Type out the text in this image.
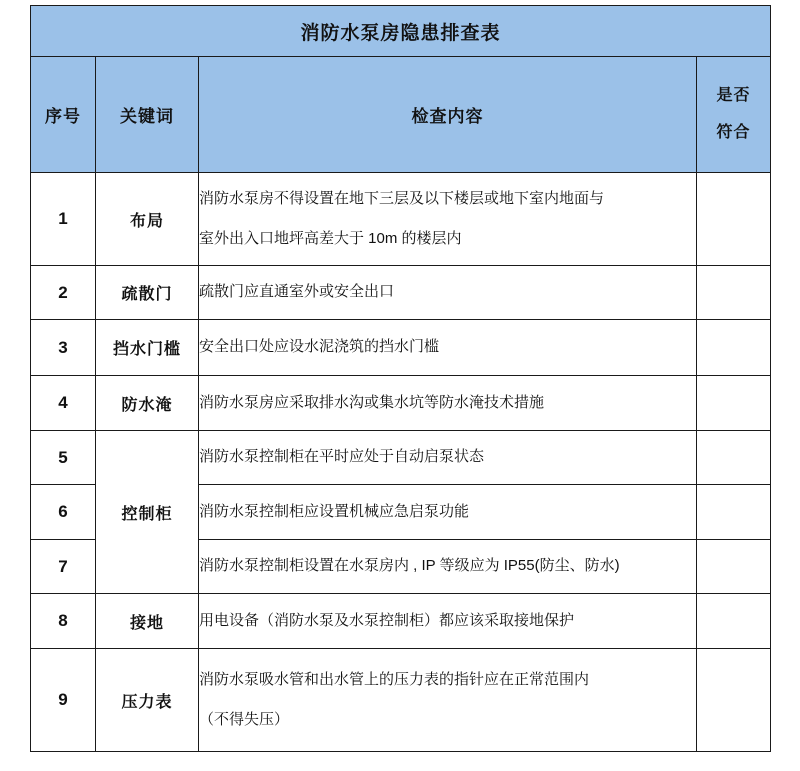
消防水泵房隐患排查表			
序号	关键词	检查内容	是否
符合

1	布局	消防水泵房不得设置在地下三层及以下楼层或地下室内地面与
室外出入口地坪高差大于 10m 的楼层内	

2	疏散门	疏散门应直通室外或安全出口	

3	挡水门槛	安全出口处应设水泥浇筑的挡水门槛	

4	防水淹	消防水泵房应采取排水沟或集水坑等防水淹技术措施	

5	控制柜	消防水泵控制柜在平时应处于自动启泵状态	

6		消防水泵控制柜应设置机械应急启泵功能	

7		消防水泵控制柜设置在水泵房内 , IP 等级应为 IP55(防尘、防水)	

8	接地	用电设备（消防水泵及水泵控制柜）都应该采取接地保护	

9	压力表	消防水泵吸水管和出水管上的压力表的指针应在正常范围内
（不得失压）	
